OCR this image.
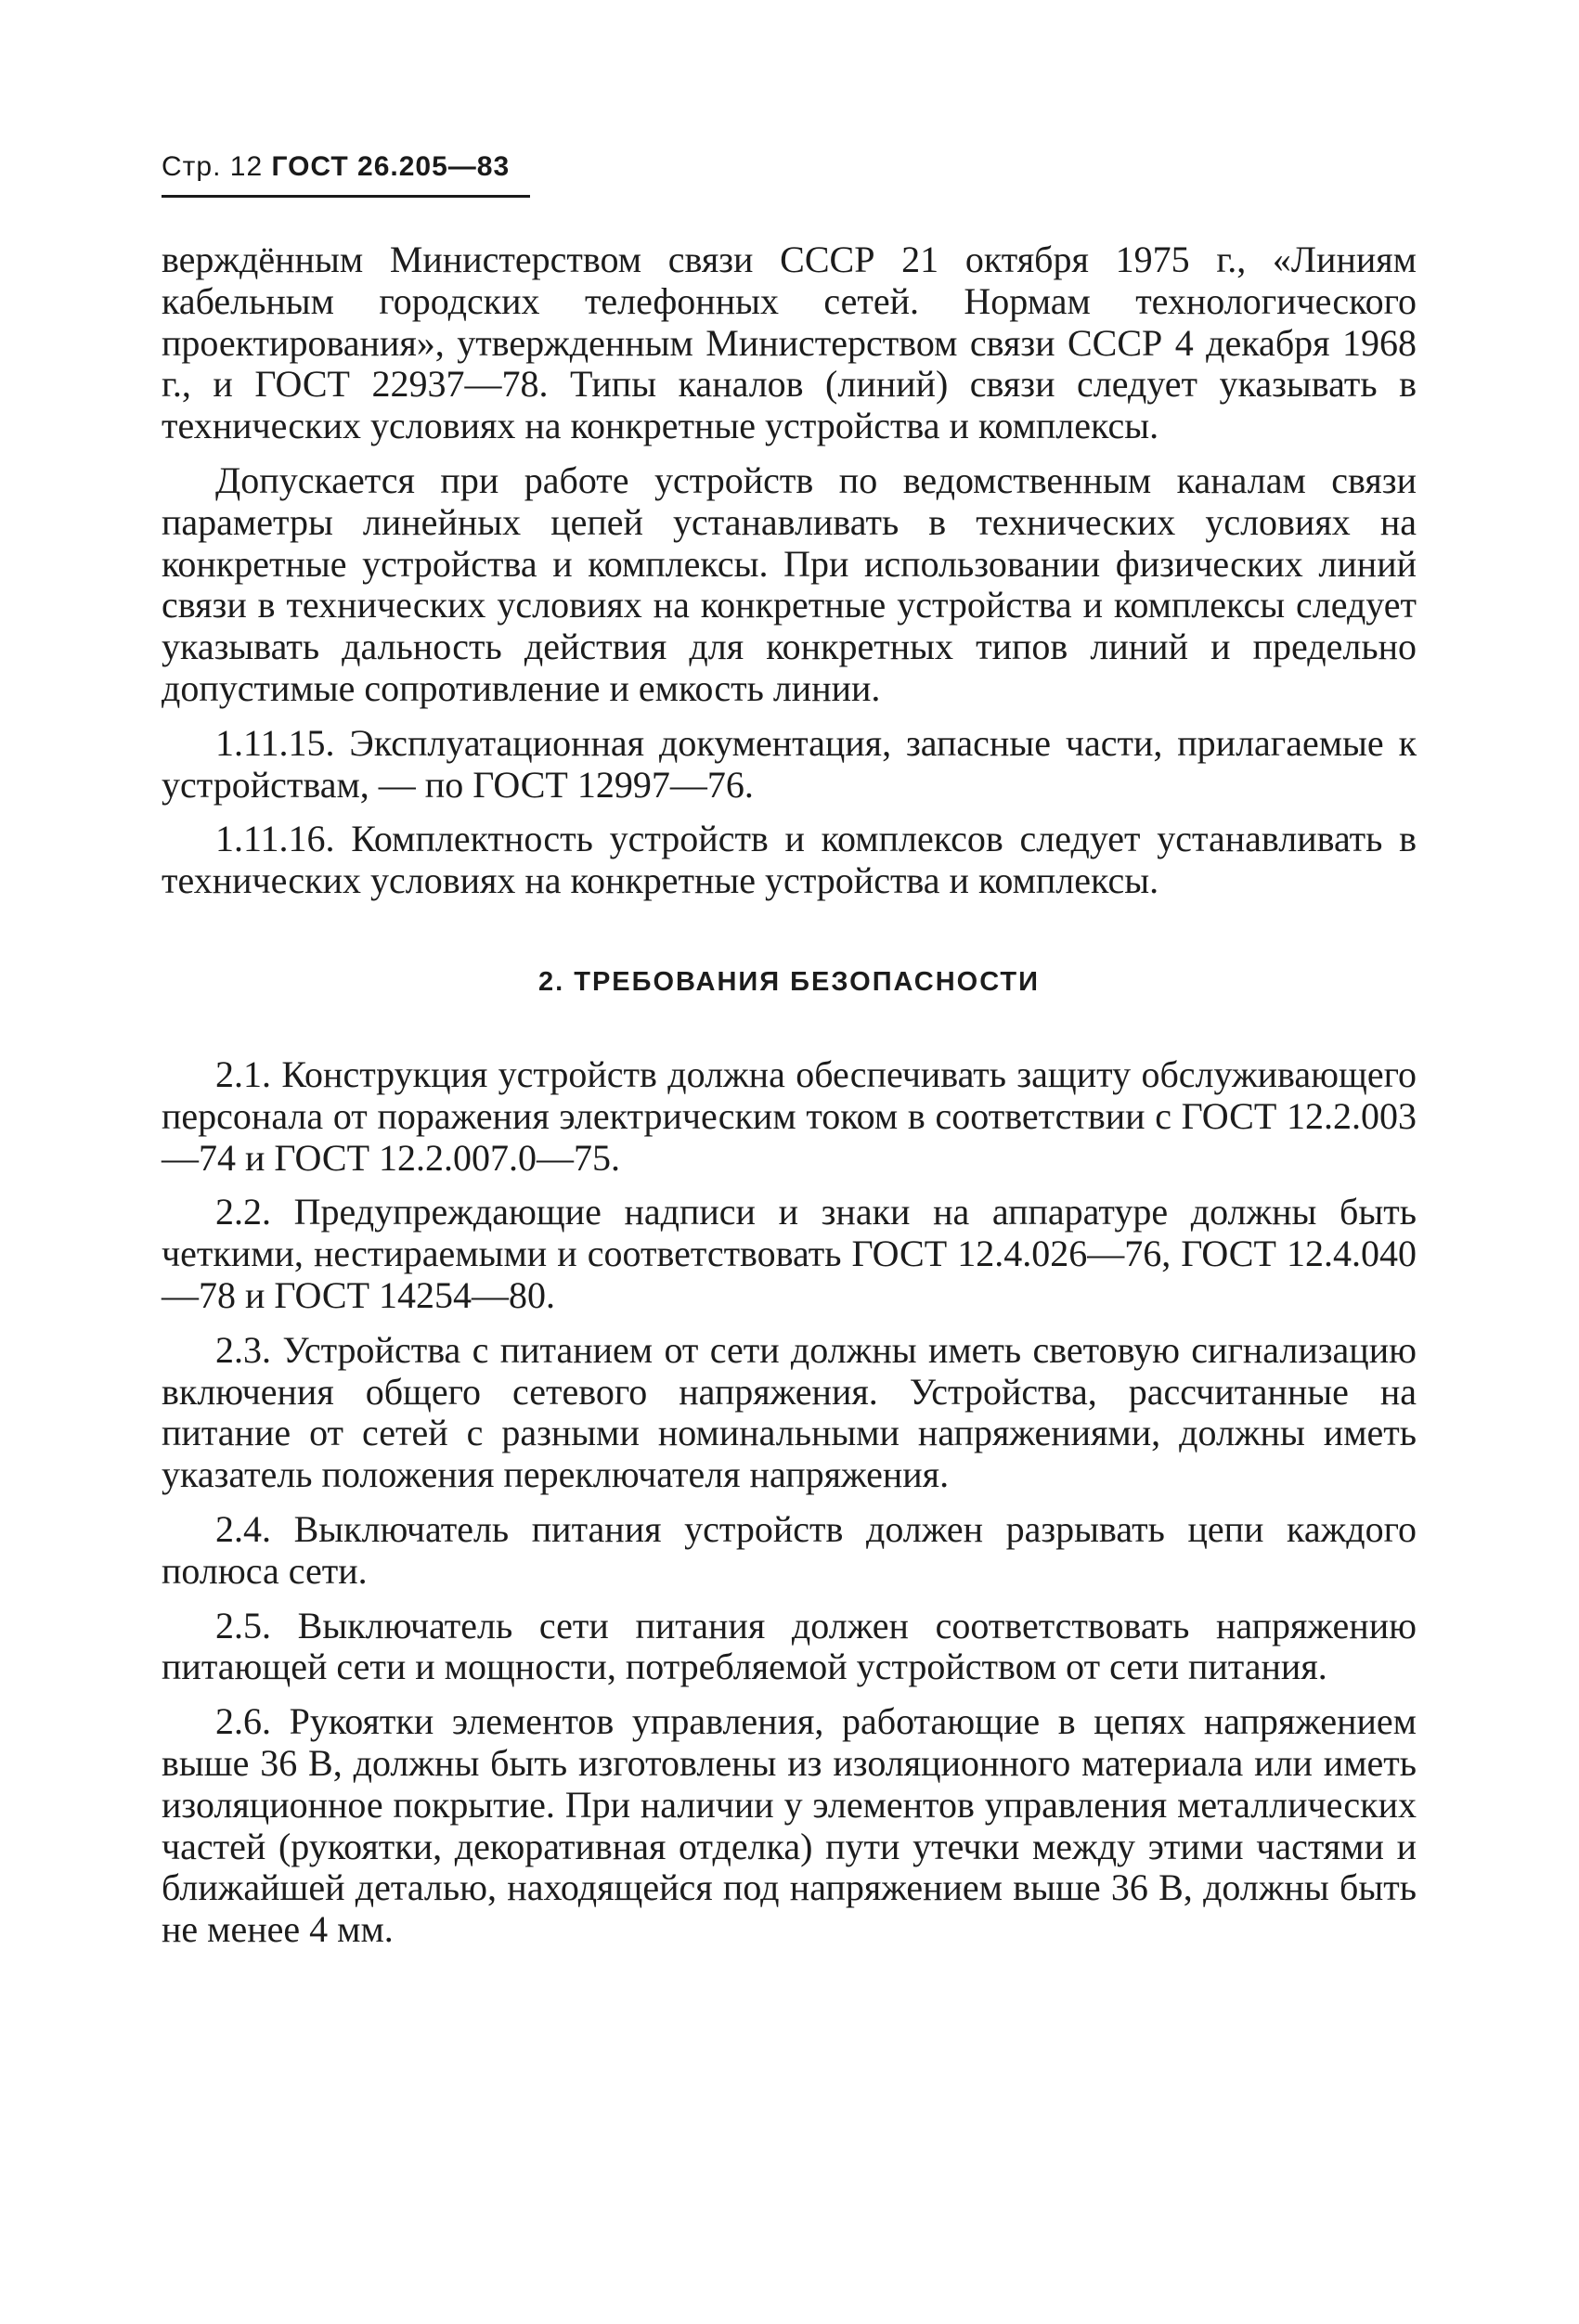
Стр. 12 ГОСТ 26.205—83

верждённым Министерством связи СССР 21 октября 1975 г., «Линиям кабельным городских телефонных сетей. Нормам технологического проектирования», утвержденным Министерством связи СССР 4 декабря 1968 г., и ГОСТ 22937—78. Типы каналов (линий) связи следует указывать в технических условиях на конкретные устройства и комплексы.

Допускается при работе устройств по ведомственным каналам связи параметры линейных цепей устанавливать в технических условиях на конкретные устройства и комплексы. При использовании физических линий связи в технических условиях на конкретные устройства и комплексы следует указывать дальность действия для конкретных типов линий и предельно допустимые сопротивление и емкость линии.

1.11.15. Эксплуатационная документация, запасные части, прилагаемые к устройствам, — по ГОСТ 12997—76.

1.11.16. Комплектность устройств и комплексов следует устанавливать в технических условиях на конкретные устройства и комплексы.

2. ТРЕБОВАНИЯ БЕЗОПАСНОСТИ

2.1. Конструкция устройств должна обеспечивать защиту обслуживающего персонала от поражения электрическим током в соответствии с ГОСТ 12.2.003—74 и ГОСТ 12.2.007.0—75.

2.2. Предупреждающие надписи и знаки на аппаратуре должны быть четкими, нестираемыми и соответствовать ГОСТ 12.4.026—76, ГОСТ 12.4.040—78 и ГОСТ 14254—80.

2.3. Устройства с питанием от сети должны иметь световую сигнализацию включения общего сетевого напряжения. Устройства, рассчитанные на питание от сетей с разными номинальными напряжениями, должны иметь указатель положения переключателя напряжения.

2.4. Выключатель питания устройств должен разрывать цепи каждого полюса сети.

2.5. Выключатель сети питания должен соответствовать напряжению питающей сети и мощности, потребляемой устройством от сети питания.

2.6. Рукоятки элементов управления, работающие в цепях напряжением выше 36 В, должны быть изготовлены из изоляционного материала или иметь изоляционное покрытие. При наличии у элементов управления металлических частей (рукоятки, декоративная отделка) пути утечки между этими частями и ближайшей деталью, находящейся под напряжением выше 36 В, должны быть не менее 4 мм.
